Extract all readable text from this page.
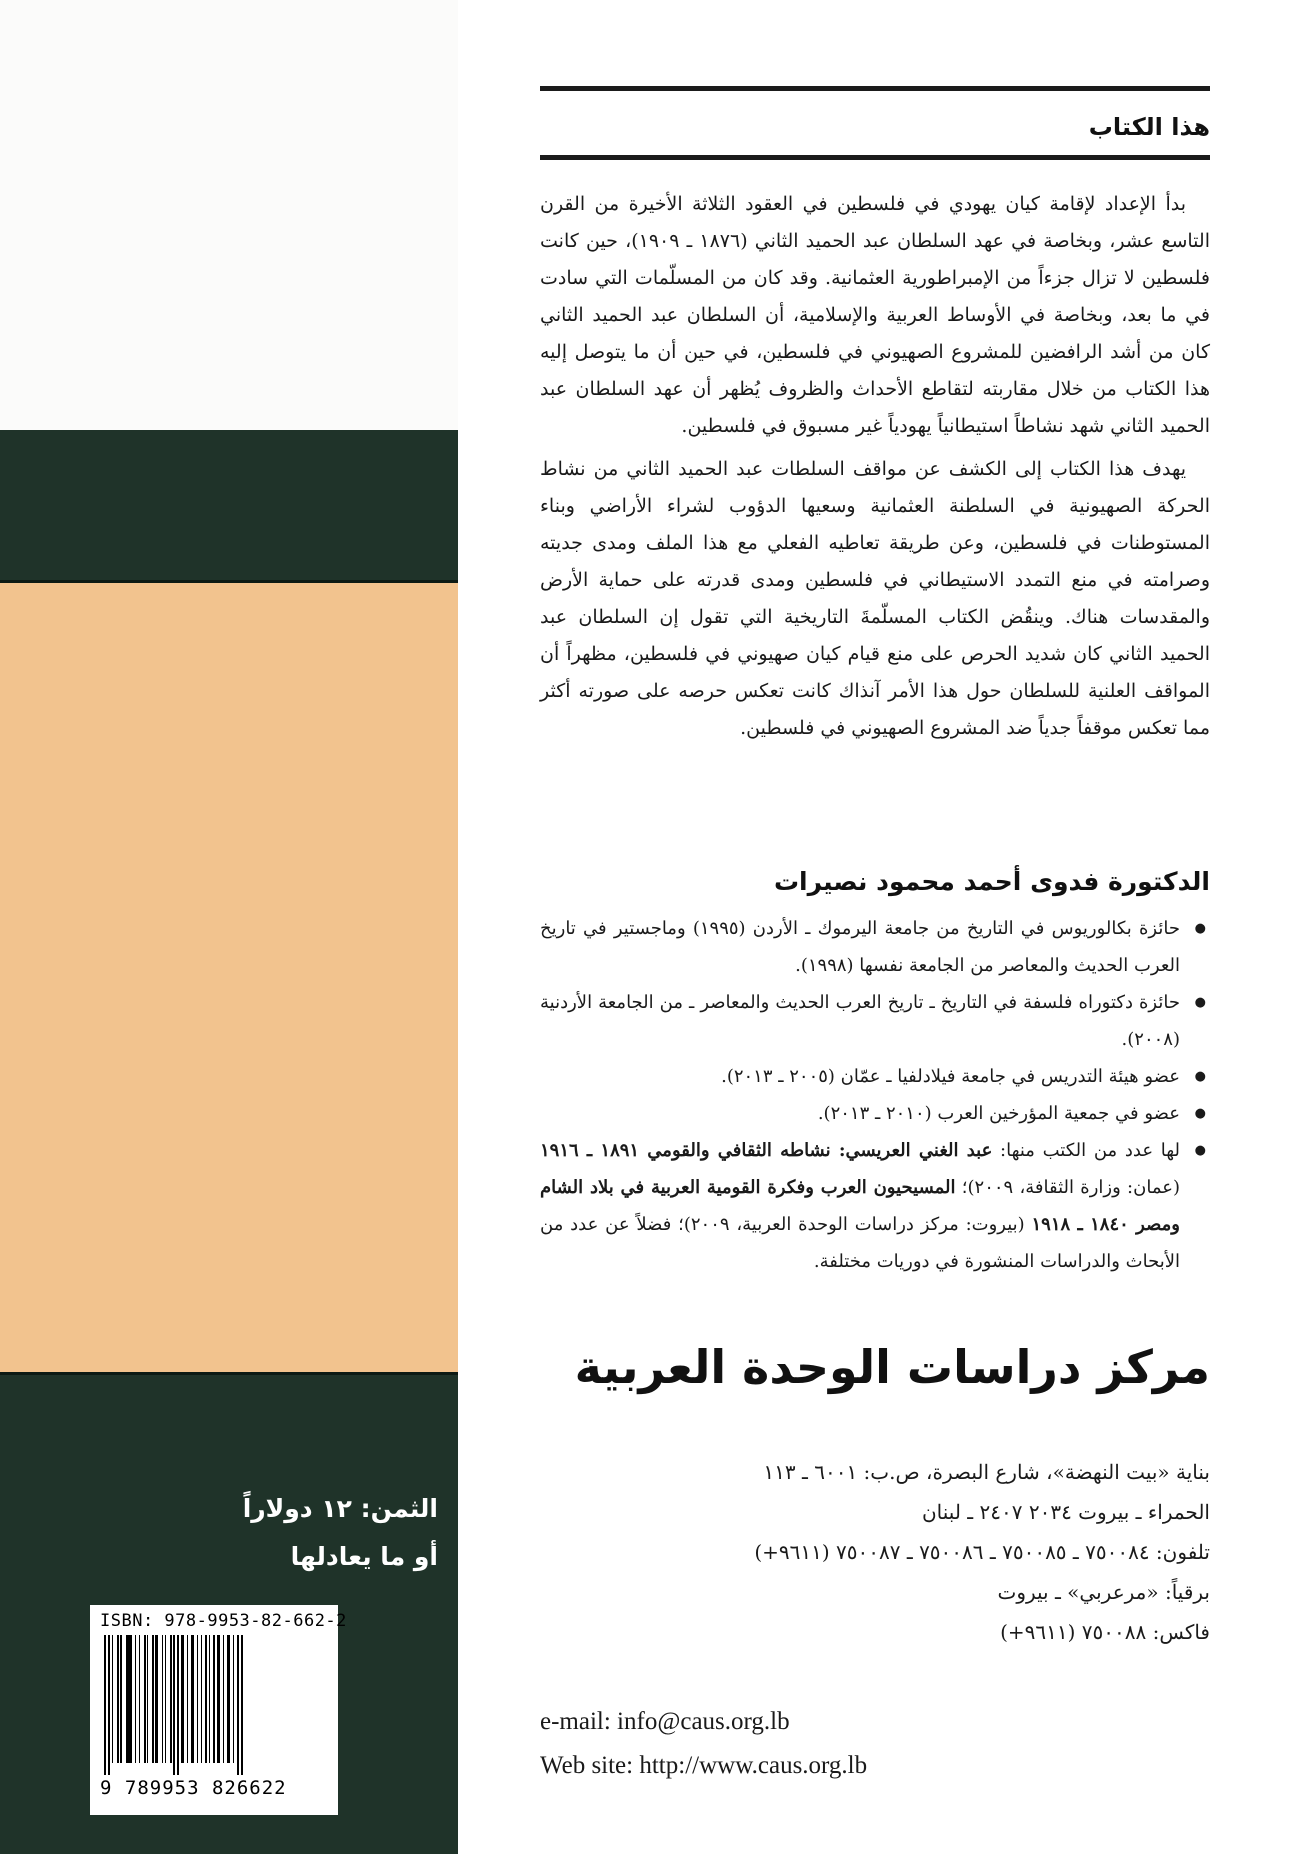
الثمن: ١٢ دولاراً
أو ما يعادلها
ISBN: 978-9953-82-662-2
9 789953 826622
هذا الكتاب

بدأ الإعداد لإقامة كيان يهودي في فلسطين في العقود الثلاثة الأخيرة من القرن التاسع عشر، وبخاصة في عهد السلطان عبد الحميد الثاني (١٨٧٦ ـ ١٩٠٩)، حين كانت فلسطين لا تزال جزءاً من الإمبراطورية العثمانية. وقد كان من المسلّمات التي سادت في ما بعد، وبخاصة في الأوساط العربية والإسلامية، أن السلطان عبد الحميد الثاني كان من أشد الرافضين للمشروع الصهيوني في فلسطين، في حين أن ما يتوصل إليه هذا الكتاب من خلال مقاربته لتقاطع الأحداث والظروف يُظهر أن عهد السلطان عبد الحميد الثاني شهد نشاطاً استيطانياً يهودياً غير مسبوق في فلسطين.

يهدف هذا الكتاب إلى الكشف عن مواقف السلطات عبد الحميد الثاني من نشاط الحركة الصهيونية في السلطنة العثمانية وسعيها الدؤوب لشراء الأراضي وبناء المستوطنات في فلسطين، وعن طريقة تعاطيه الفعلي مع هذا الملف ومدى جديته وصرامته في منع التمدد الاستيطاني في فلسطين ومدى قدرته على حماية الأرض والمقدسات هناك. وينقُض الكتاب المسلّمةَ التاريخية التي تقول إن السلطان عبد الحميد الثاني كان شديد الحرص على منع قيام كيان صهيوني في فلسطين، مظهراً أن المواقف العلنية للسلطان حول هذا الأمر آنذاك كانت تعكس حرصه على صورته أكثر مما تعكس موقفاً جدياً ضد المشروع الصهيوني في فلسطين.

الدكتورة فدوى أحمد محمود نصيرات
● حائزة بكالوريوس في التاريخ من جامعة اليرموك ـ الأردن (١٩٩٥) وماجستير في تاريخ العرب الحديث والمعاصر من الجامعة نفسها (١٩٩٨).
● حائزة دكتوراه فلسفة في التاريخ ـ تاريخ العرب الحديث والمعاصر ـ من الجامعة الأردنية (٢٠٠٨).
● عضو هيئة التدريس في جامعة فيلادلفيا ـ عمّان (٢٠٠٥ ـ ٢٠١٣).
● عضو في جمعية المؤرخين العرب (٢٠١٠ ـ ٢٠١٣).
● لها عدد من الكتب منها: عبد الغني العريسي: نشاطه الثقافي والقومي ١٨٩١ ـ ١٩١٦ (عمان: وزارة الثقافة، ٢٠٠٩)؛ المسيحيون العرب وفكرة القومية العربية في بلاد الشام ومصر ١٨٤٠ ـ ١٩١٨ (بيروت: مركز دراسات الوحدة العربية، ٢٠٠٩)؛ فضلاً عن عدد من الأبحاث والدراسات المنشورة في دوريات مختلفة.
مركز دراسات الوحدة العربية
بناية «بيت النهضة»، شارع البصرة، ص.ب: ٦٠٠١ ـ ١١٣
الحمراء ـ بيروت ٢٠٣٤ ٢٤٠٧ ـ لبنان
تلفون: ٧٥٠٠٨٤ ـ ٧٥٠٠٨٥ ـ ٧٥٠٠٨٦ ـ ٧٥٠٠٨٧ (٩٦١١+)
برقياً: «مرعربي» ـ بيروت
فاكس: ٧٥٠٠٨٨ (٩٦١١+)
e-mail: info@caus.org.lb
Web site: http://www.caus.org.lb
